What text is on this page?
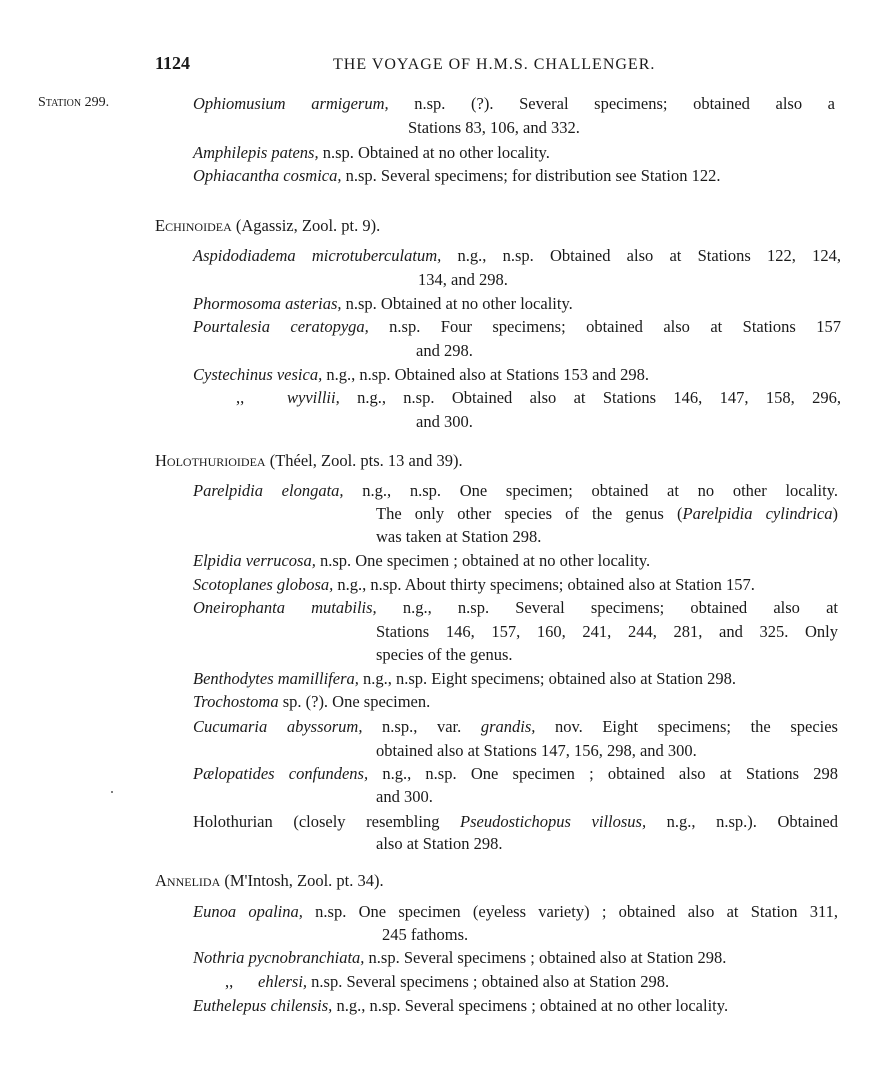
1124	THE VOYAGE OF H.M.S. CHALLENGER.
Station 299.	Ophiomusium armigerum, n.sp. (?). Several specimens; obtained also a
Stations 83, 106, and 332.
Amphilepis patens, n.sp. Obtained at no other locality.
Ophiacantha cosmica, n.sp. Several specimens; for distribution see Station 122.
Echinoidea (Agassiz, Zool. pt. 9).
Aspidodiadema microtuberculatum, n.g., n.sp. Obtained also at Stations 122, 124,
134, and 298.
Phormosoma asterias, n.sp. Obtained at no other locality.
Pourtalesia ceratopyga, n.sp. Four specimens; obtained also at Stations 157
and 298.
Cystechinus vesica, n.g., n.sp. Obtained also at Stations 153 and 298.
,,	wyvillii, n.g., n.sp. Obtained also at Stations 146, 147, 158, 296,
and 300.
Holothurioidea (Théel, Zool. pts. 13 and 39).
Parelpidia elongata, n.g., n.sp. One specimen; obtained at no other locality.
The only other species of the genus (Parelpidia cylindrica)
was taken at Station 298.
Elpidia verrucosa, n.sp. One specimen ; obtained at no other locality.
Scotoplanes globosa, n.g., n.sp. About thirty specimens; obtained also at Station 157.
Oneirophanta mutabilis, n.g., n.sp. Several specimens; obtained also at
Stations 146, 157, 160, 241, 244, 281, and 325. Only
species of the genus.
Benthodytes mamillifera, n.g., n.sp. Eight specimens; obtained also at Station 298.
Trochostoma sp. (?). One specimen.
Cucumaria abyssorum, n.sp., var. grandis, nov. Eight specimens; the species
obtained also at Stations 147, 156, 298, and 300.
Pælopatides confundens, n.g., n.sp. One specimen ; obtained also at Stations 298
and 300.
Holothurian (closely resembling Pseudostichopus villosus, n.g., n.sp.). Obtained
also at Station 298.
Annelida (M'Intosh, Zool. pt. 34).
Eunoa opalina, n.sp. One specimen (eyeless variety) ; obtained also at Station 311,
245 fathoms.
Nothria pycnobranchiata, n.sp. Several specimens ; obtained also at Station 298.
,, ehlersi, n.sp. Several specimens ; obtained also at Station 298.
Euthelepus chilensis, n.g., n.sp. Several specimens ; obtained at no other locality.
